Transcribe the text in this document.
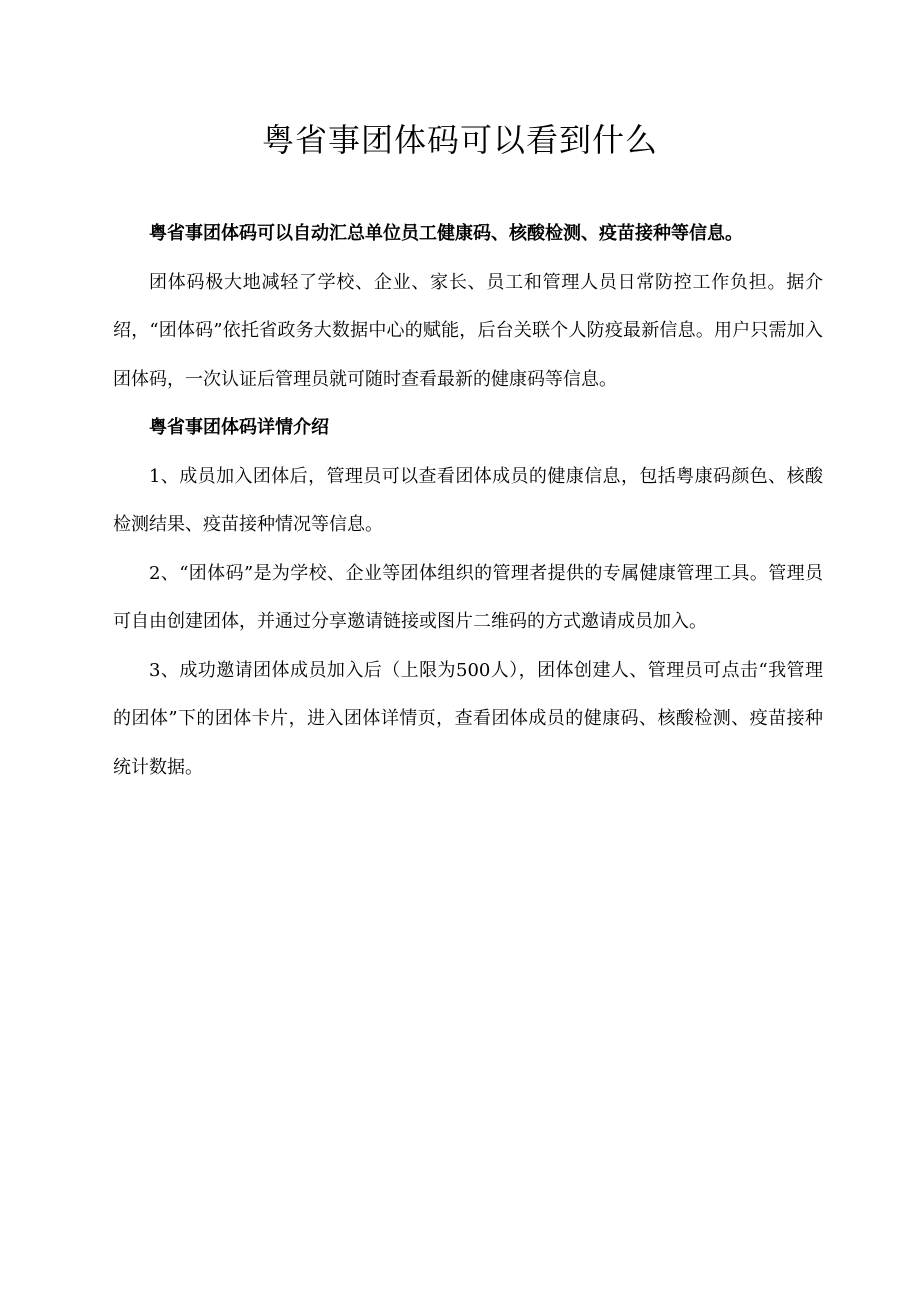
粤省事团体码可以看到什么

粤省事团体码可以自动汇总单位员工健康码、核酸检测、疫苗接种等信息。

团体码极大地减轻了学校、企业、家长、员工和管理人员日常防控工作负担。据介绍，“团体码”依托省政务大数据中心的赋能，后台关联个人防疫最新信息。用户只需加入团体码，一次认证后管理员就可随时查看最新的健康码等信息。

粤省事团体码详情介绍

1、成员加入团体后，管理员可以查看团体成员的健康信息，包括粤康码颜色、核酸检测结果、疫苗接种情况等信息。

2、“团体码”是为学校、企业等团体组织的管理者提供的专属健康管理工具。管理员可自由创建团体，并通过分享邀请链接或图片二维码的方式邀请成员加入。

3、成功邀请团体成员加入后（上限为500人），团体创建人、管理员可点击“我管理的团体”下的团体卡片，进入团体详情页，查看团体成员的健康码、核酸检测、疫苗接种统计数据。
